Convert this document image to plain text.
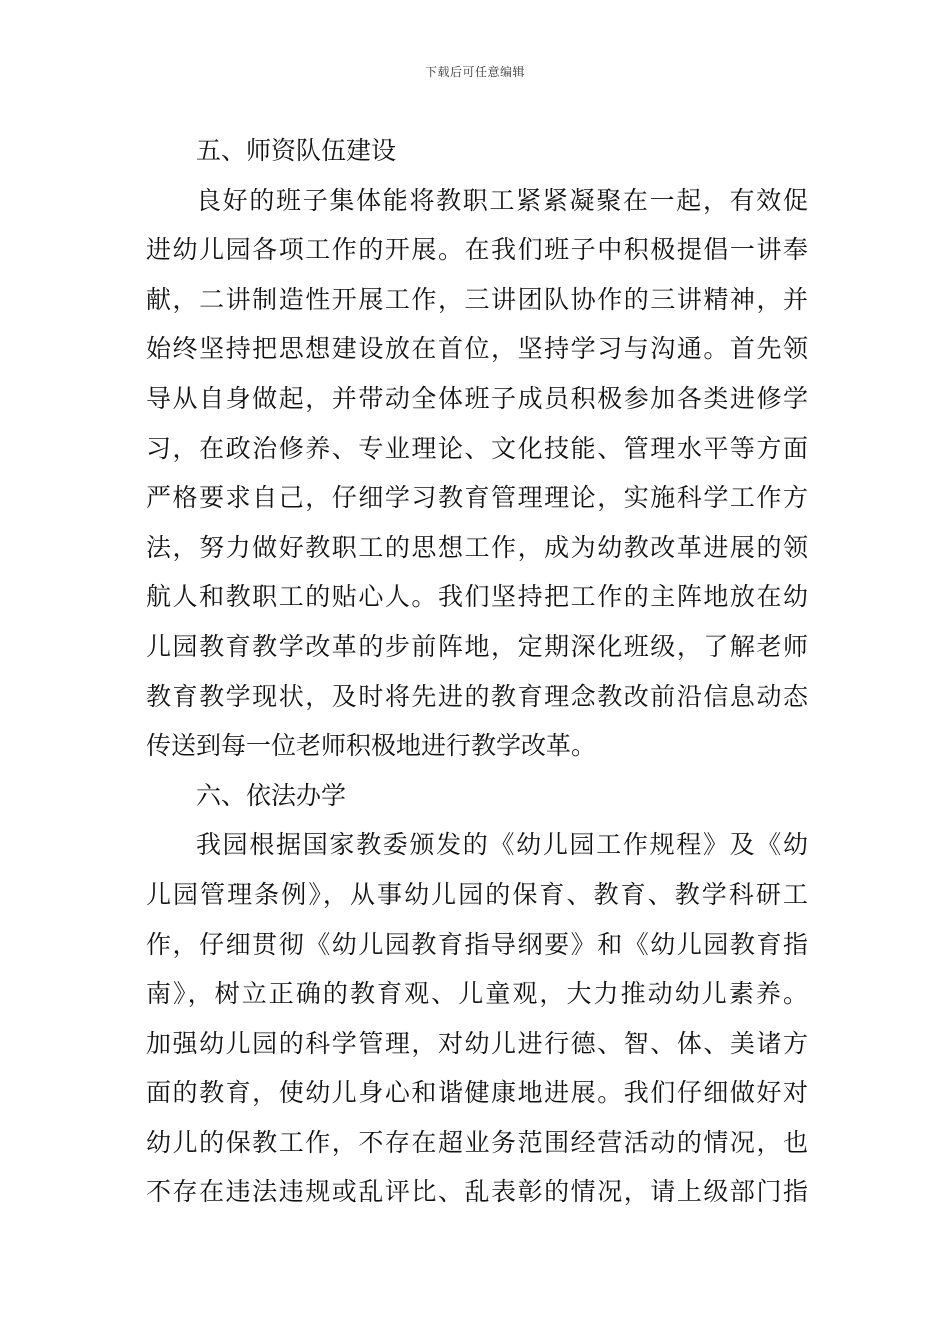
下载后可任意编辑
五、师资队伍建设
良好的班子集体能将教职工紧紧凝聚在一起，有效促
进幼儿园各项工作的开展。在我们班子中积极提倡一讲奉
献，二讲制造性开展工作，三讲团队协作的三讲精神，并
始终坚持把思想建设放在首位，坚持学习与沟通。首先领
导从自身做起，并带动全体班子成员积极参加各类进修学
习，在政治修养、专业理论、文化技能、管理水平等方面
严格要求自己，仔细学习教育管理理论，实施科学工作方
法，努力做好教职工的思想工作，成为幼教改革进展的领
航人和教职工的贴心人。我们坚持把工作的主阵地放在幼
儿园教育教学改革的步前阵地，定期深化班级，了解老师
教育教学现状，及时将先进的教育理念教改前沿信息动态
传送到每一位老师积极地进行教学改革。
六、依法办学
我园根据国家教委颁发的《幼儿园工作规程》及《幼
儿园管理条例》，从事幼儿园的保育、教育、教学科研工
作，仔细贯彻《幼儿园教育指导纲要》和《幼儿园教育指
南》，树立正确的教育观、儿童观，大力推动幼儿素养。
加强幼儿园的科学管理，对幼儿进行德、智、体、美诸方
面的教育，使幼儿身心和谐健康地进展。我们仔细做好对
幼儿的保教工作，不存在超业务范围经营活动的情况，也
不存在违法违规或乱评比、乱表彰的情况，请上级部门指
